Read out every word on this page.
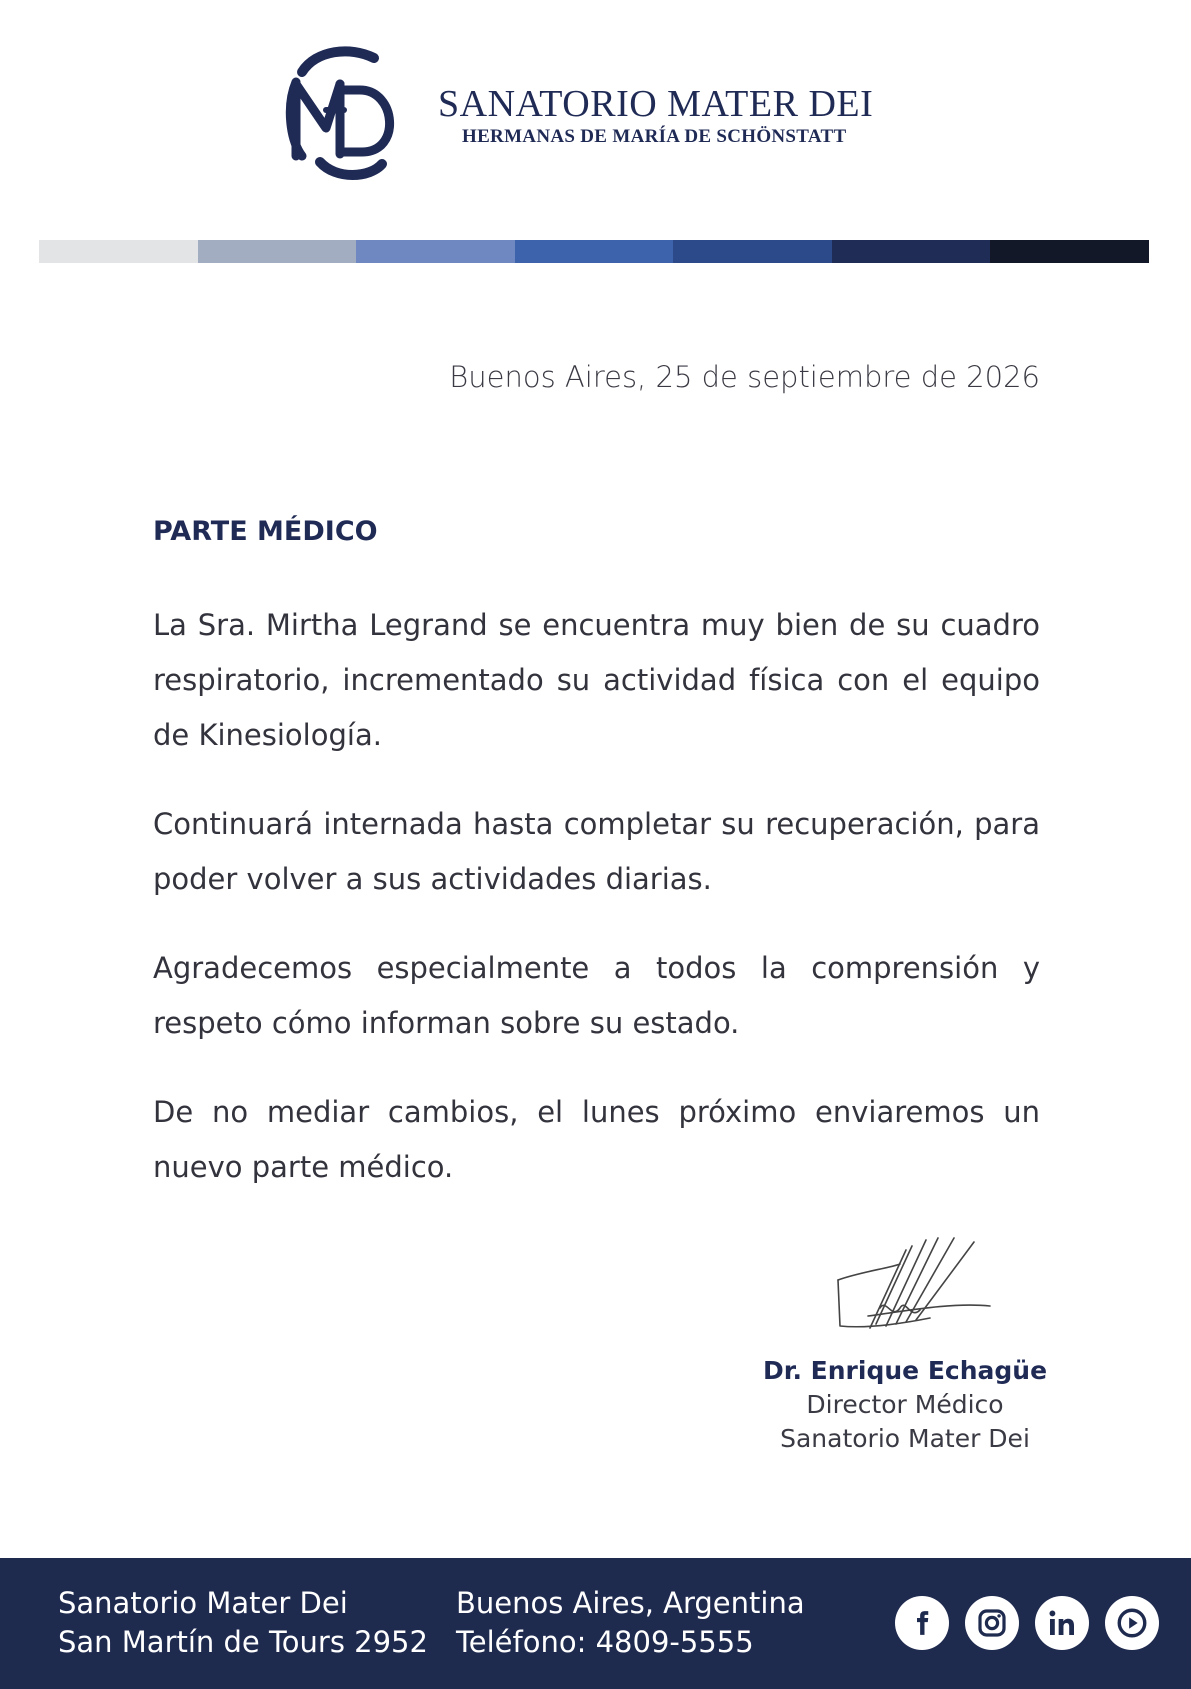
SANATORIO MATER DEI
HERMANAS DE MARÍA DE SCHÖNSTATT
Buenos Aires, 25 de septiembre de 2026
PARTE MÉDICO

La Sra. Mirtha Legrand se encuentra muy bien de su cuadro respiratorio, incrementado su actividad física con el equipo de Kinesiología.

Continuará internada hasta completar su recuperación, para poder volver a sus actividades diarias.

Agradecemos especialmente a todos la comprensión y respeto cómo informan sobre su estado.

De no mediar cambios, el lunes próximo enviaremos un nuevo parte médico.

Dr. Enrique Echagüe
Director Médico
Sanatorio Mater Dei
Sanatorio Mater Dei
San Martín de Tours 2952
Buenos Aires, Argentina
Teléfono: 4809-5555
